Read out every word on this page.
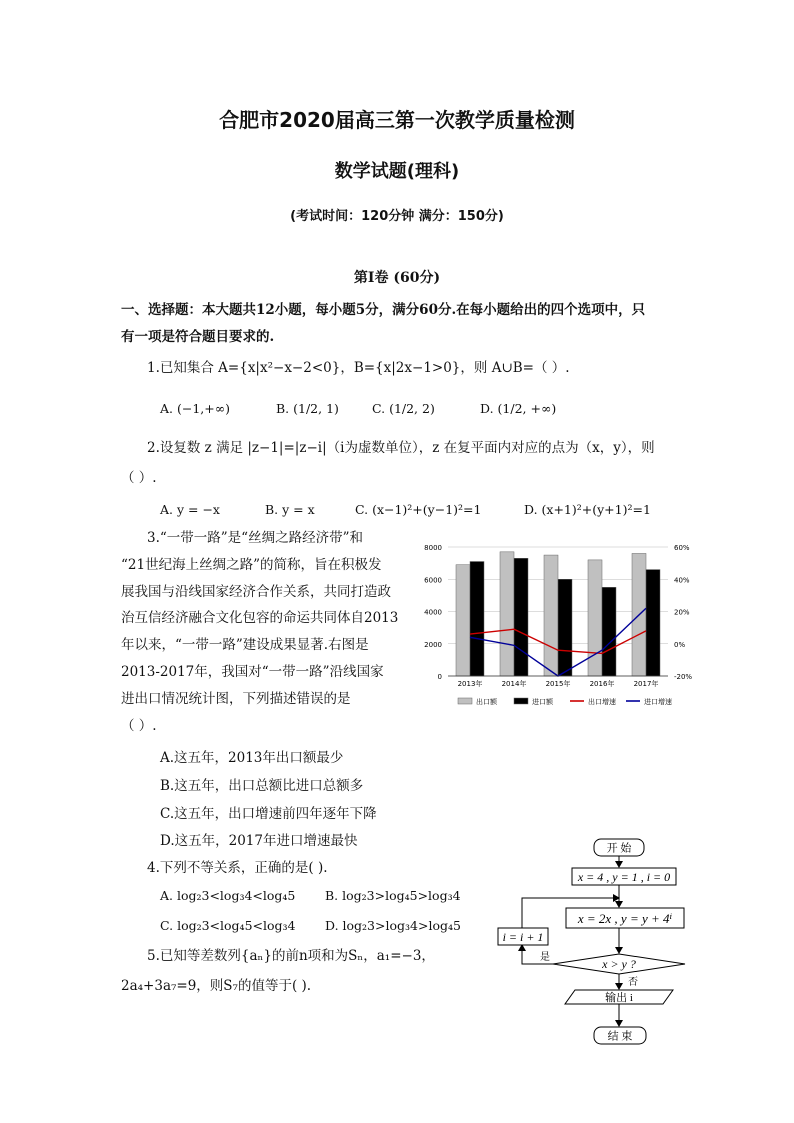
合肥市2020届高三第一次教学质量检测
数学试题(理科)
(考试时间：120分钟 满分：150分)
第Ⅰ卷 (60分)
一、选择题：本大题共12小题，每小题5分，满分60分.在每小题给出的四个选项中，只
有一项是符合题目要求的.
1.已知集合 A={x|x²−x−2<0}，B={x|2x−1>0}，则 A∪B=（ ）.
A. (−1,+∞)	B. (1/2, 1)	C. (1/2, 2)	D. (1/2, +∞)
2.设复数 z 满足 |z−1|=|z−i|（i为虚数单位），z 在复平面内对应的点为（x，y），则
（ ）.
A. y = −x	B. y = x	C. (x−1)²+(y−1)²=1	D. (x+1)²+(y+1)²=1
3.“一带一路”是“丝绸之路经济带”和
“21世纪海上丝绸之路”的简称，旨在积极发
展我国与沿线国家经济合作关系，共同打造政
治互信经济融合文化包容的命运共同体自2013
年以来，“一带一路”建设成果显著.右图是
2013-2017年，我国对“一带一路”沿线国家
进出口情况统计图，下列描述错误的是
（ ）.
A.这五年，2013年出口额最少
B.这五年，出口总额比进口总额多
C.这五年，出口增速前四年逐年下降
D.这五年，2017年进口增速最快
0
2000
4000
6000
8000
-20%
0%
20%
40%
60%
2013年	2014年	2015年	2016年	2017年
出口额	进口额	出口增速	进口增速
4.下列不等关系，正确的是( ).
A. log₂3<log₃4<log₄5 B. log₂3>log₄5>log₃4
C. log₂3<log₄5<log₃4 D. log₂3>log₃4>log₄5
5.已知等差数列{aₙ}的前n项和为Sₙ，a₁=−3，
2a₄+3a₇=9，则S₇的值等于( ).
开 始
x = 4 , y = 1 , i = 0
x = 2x , y = y + 4ⁱ
x > y ?
是
i = i + 1
否
输出 i
结 束
